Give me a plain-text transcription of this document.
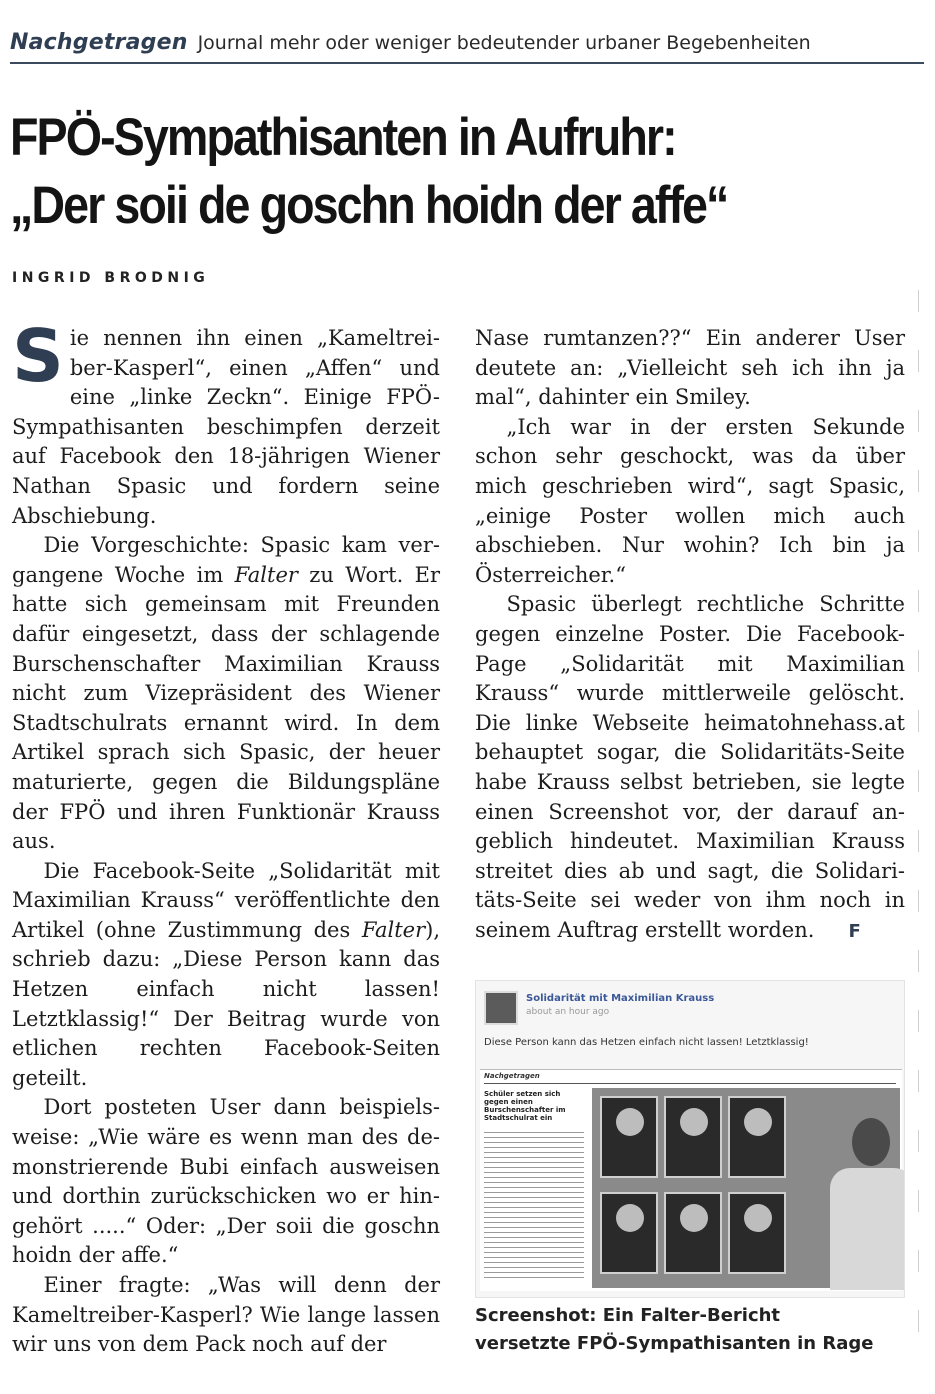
Nachgetragen Journal mehr oder weniger bedeutender urbaner Begebenheiten
FPÖ-Sympathisanten in Aufruhr:
„Der soii de goschn hoidn der affe“
INGRID BRODNIG

Sie nennen ihn einen „Kameltreiber-Kasperl“, einen „Affen“ und eine „linke Zeckn“. Einige FPÖ-Sympathisanten beschimpfen derzeit auf Facebook den 18-jährigen Wiener Nathan Spasic und fordern seine Abschiebung.

Die Vorgeschichte: Spasic kam vergangene Woche im Falter zu Wort. Er hatte sich gemeinsam mit Freunden dafür eingesetzt, dass der schlagende Burschenschafter Maximilian Krauss nicht zum Vizepräsident des Wiener Stadtschulrats ernannt wird. In dem Artikel sprach sich Spasic, der heuer maturierte, gegen die Bildungspläne der FPÖ und ihren Funktionär Krauss aus.

Die Facebook-Seite „Solidarität mit Maximilian Krauss“ veröffentlichte den Artikel (ohne Zustimmung des Falter), schrieb dazu: „Diese Person kann das Hetzen einfach nicht lassen! Letztklassig!“ Der Beitrag wurde von etlichen rechten Facebook-Seiten geteilt.

Dort posteten User dann beispielsweise: „Wie wäre es wenn man des demonstrierende Bubi einfach ausweisen und dorthin zurückschicken wo er hingehört .....“ Oder: „Der soii die goschn hoidn der affe.“

Einer fragte: „Was will denn der Kameltreiber-Kasperl? Wie lange lassen wir uns von dem Pack noch auf der

Nase rumtanzen??“ Ein anderer User deutete an: „Vielleicht seh ich ihn ja mal“, dahinter ein Smiley.

„Ich war in der ersten Sekunde schon sehr geschockt, was da über mich geschrieben wird“, sagt Spasic, „einige Poster wollen mich auch abschieben. Nur wohin? Ich bin ja Österreicher.“

Spasic überlegt rechtliche Schritte gegen einzelne Poster. Die Facebook-Page „Solidarität mit Maximilian Krauss“ wurde mittlerweile gelöscht. Die linke Webseite heimatohnehass.at behauptet sogar, die Solidaritäts-Seite habe Krauss selbst betrieben, sie legte einen Screenshot vor, der darauf angeblich hindeutet. Maximilian Krauss streitet dies ab und sagt, die Solidaritäts-Seite sei weder von ihm noch in seinem Auftrag erstellt worden. F

Solidarität mit Maximilian Krauss
about an hour ago
Diese Person kann das Hetzen einfach nicht lassen! Letztklassig!
Nachgetragen
Schüler setzen sich gegen einen Burschenschafter im Stadtschulrat ein
Screenshot: Ein Falter-Bericht
versetzte FPÖ-Sympathisanten in Rage
